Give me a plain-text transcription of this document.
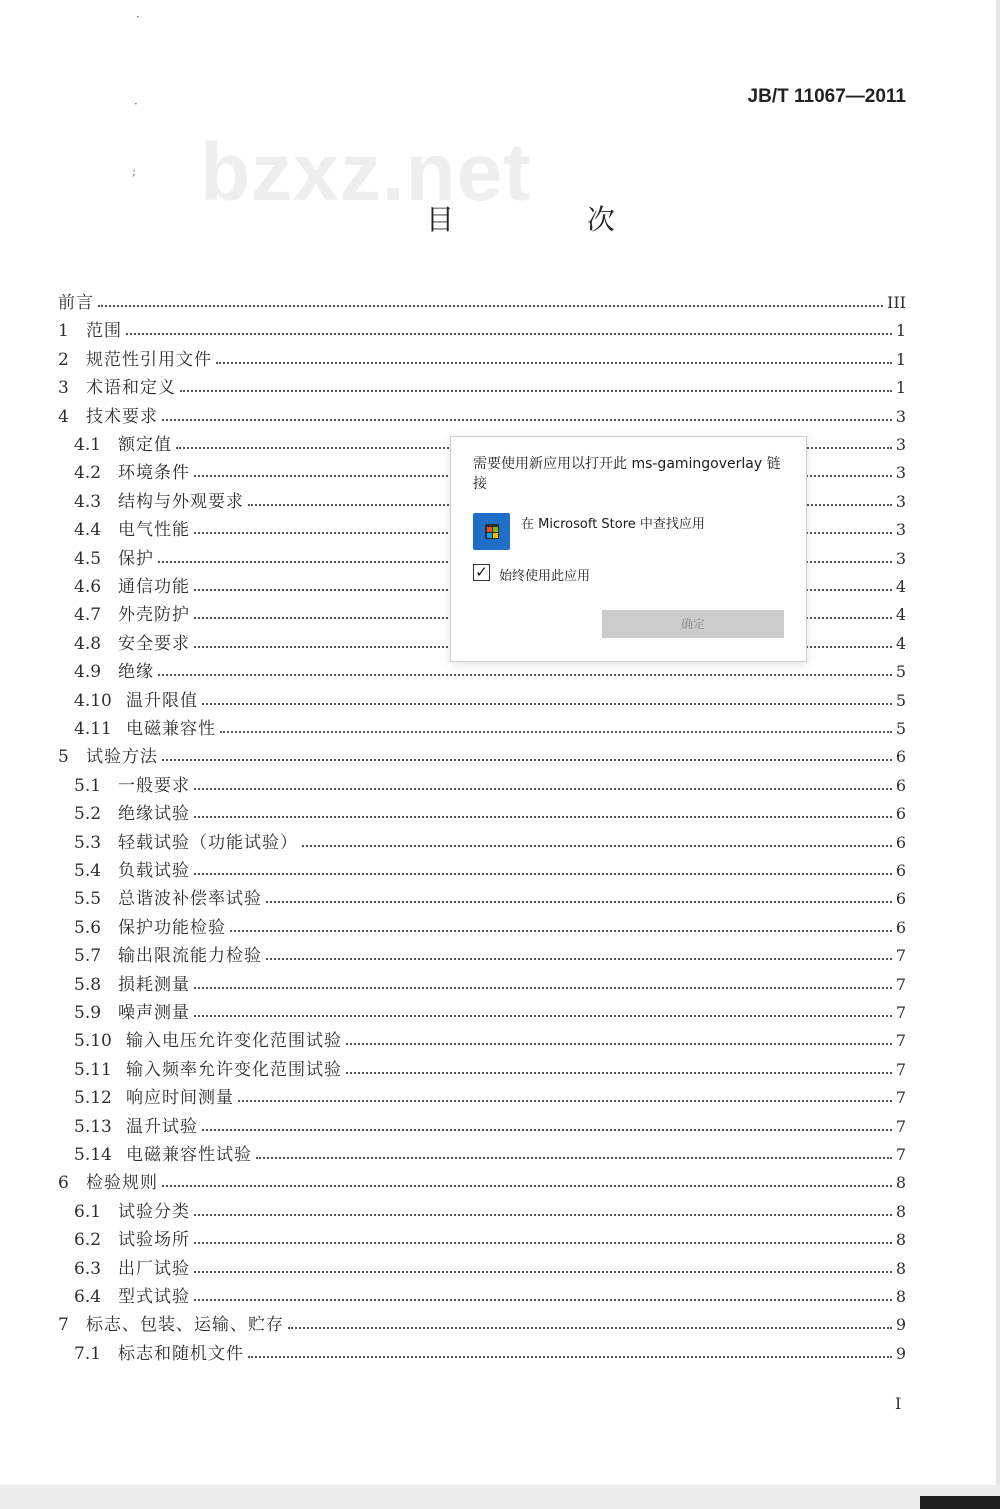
·
·
;
JB/T 11067—2011
bzxz.net
目 次
前言	III
1	范围	1
2	规范性引用文件	1
3	术语和定义	1
4	技术要求	3
4.1 额定值	3
4.2 环境条件	3
4.3 结构与外观要求	3
4.4 电气性能	3
4.5 保护	3
4.6 通信功能	4
4.7 外壳防护	4
4.8 安全要求	4
4.9 绝缘	5
4.10 温升限值	5
4.11 电磁兼容性	5
5	试验方法	6
5.1 一般要求	6
5.2 绝缘试验	6
5.3 轻载试验（功能试验）	6
5.4 负载试验	6
5.5 总谐波补偿率试验	6
5.6 保护功能检验	6
5.7 输出限流能力检验	7
5.8 损耗测量	7
5.9 噪声测量	7
5.10 输入电压允许变化范围试验	7
5.11 输入频率允许变化范围试验	7
5.12 响应时间测量	7
5.13 温升试验	7
5.14 电磁兼容性试验	7
6	检验规则	8
6.1 试验分类	8
6.2 试验场所	8
6.3 出厂试验	8
6.4 型式试验	8
7	标志、包装、运输、贮存	9
7.1 标志和随机文件	9
I
需要使用新应用以打开此 ms-gamingoverlay 链接
在 Microsoft Store 中查找应用
✓ 始终使用此应用
确定
